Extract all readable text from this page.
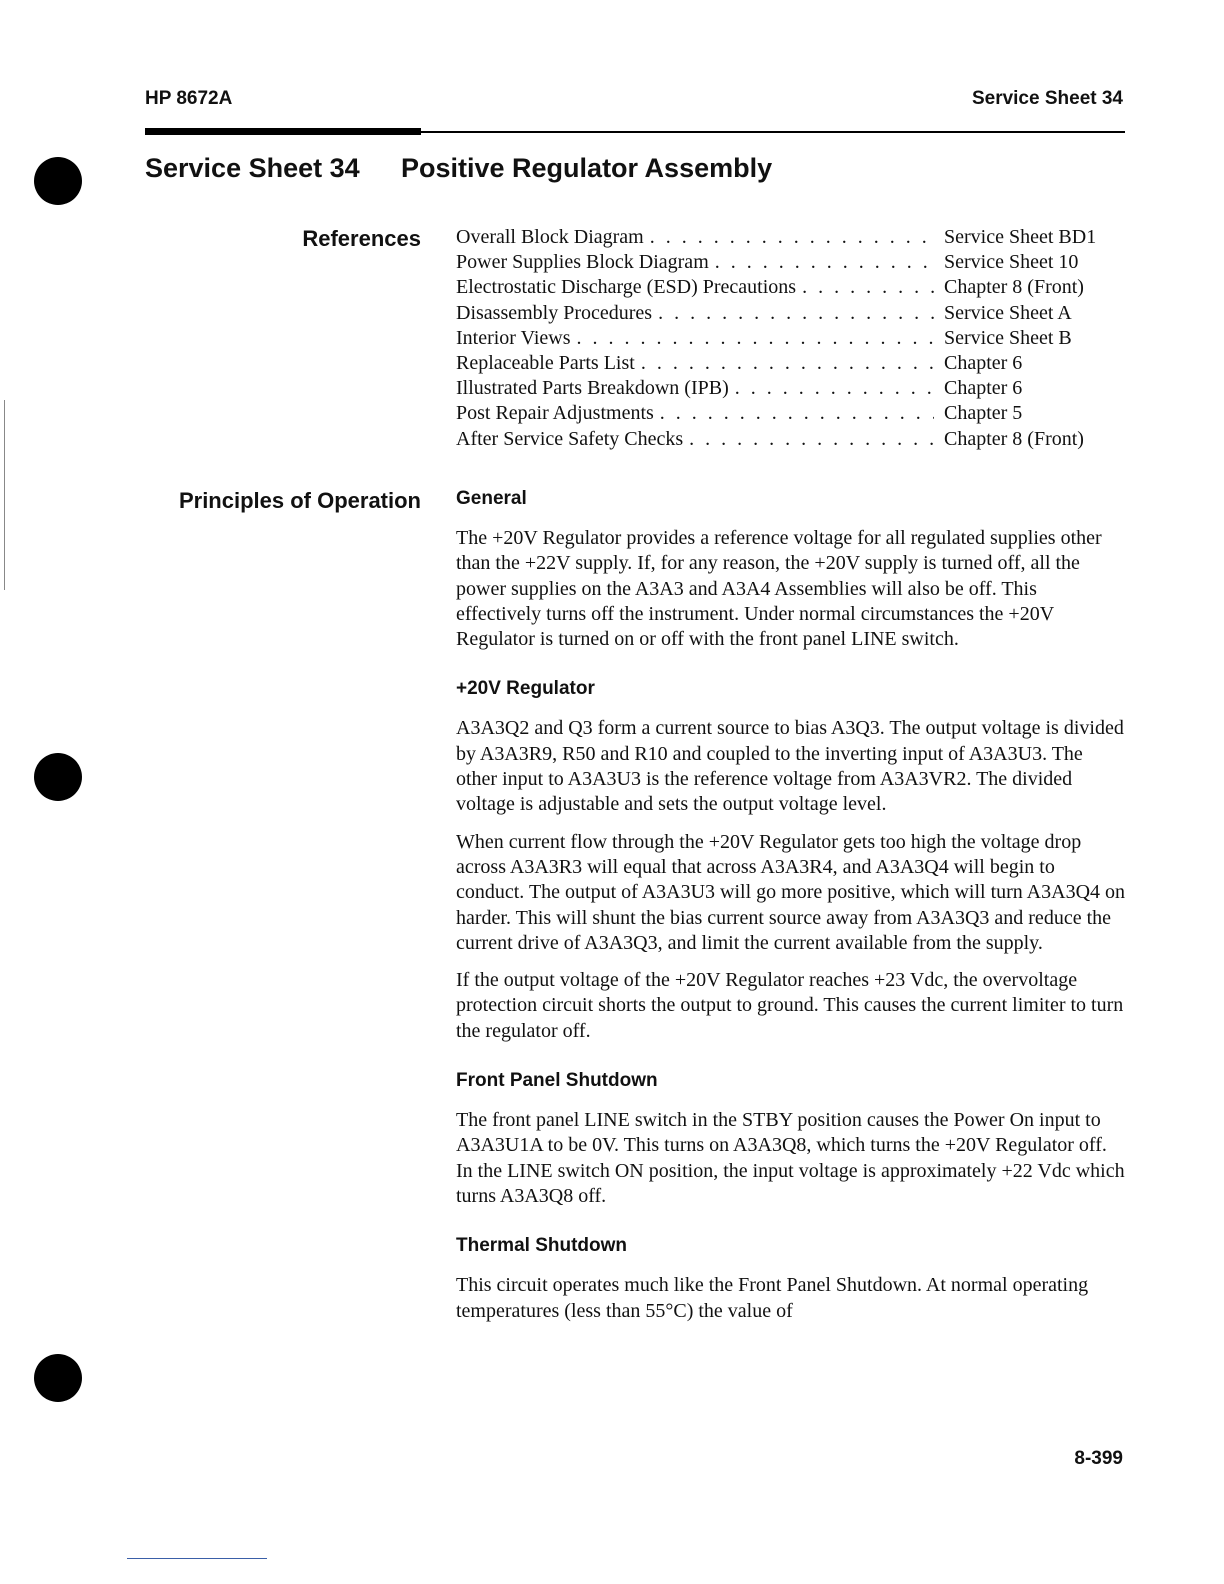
HP 8672A	Service Sheet 34
Service Sheet 34 Positive Regulator Assembly
References Overall Block Diagram . . .	Service Sheet BD1
Power Supplies Block Diagram . . .	Service Sheet 10
Electrostatic Discharge (ESD) Precautions . . .	Chapter 8 (Front)
Disassembly Procedures . . .	Service Sheet A
Interior Views . . .	Service Sheet B
Replaceable Parts List . . .	Chapter 6
Illustrated Parts Breakdown (IPB) . . .	Chapter 6
Post Repair Adjustments . . .	Chapter 5
After Service Safety Checks . . .	Chapter 8 (Front)
Principles of Operation General

The +20V Regulator provides a reference voltage for all regulated supplies other than the +22V supply. If, for any reason, the +20V supply is turned off, all the power supplies on the A3A3 and A3A4 Assemblies will also be off. This effectively turns off the instrument. Under normal circumstances the +20V Regulator is turned on or off with the front panel LINE switch.

+20V Regulator

A3A3Q2 and Q3 form a current source to bias A3Q3. The output voltage is divided by A3A3R9, R50 and R10 and coupled to the inverting input of A3A3U3. The other input to A3A3U3 is the reference voltage from A3A3VR2. The divided voltage is adjustable and sets the output voltage level.

When current flow through the +20V Regulator gets too high the voltage drop across A3A3R3 will equal that across A3A3R4, and A3A3Q4 will begin to conduct. The output of A3A3U3 will go more positive, which will turn A3A3Q4 on harder. This will shunt the bias current source away from A3A3Q3 and reduce the current drive of A3A3Q3, and limit the current available from the supply.

If the output voltage of the +20V Regulator reaches +23 Vdc, the overvoltage protection circuit shorts the output to ground. This causes the current limiter to turn the regulator off.

Front Panel Shutdown

The front panel LINE switch in the STBY position causes the Power On input to A3A3U1A to be 0V. This turns on A3A3Q8, which turns the +20V Regulator off. In the LINE switch ON position, the input voltage is approximately +22 Vdc which turns A3A3Q8 off.

Thermal Shutdown

This circuit operates much like the Front Panel Shutdown. At normal operating temperatures (less than 55°C) the value of

8-399
